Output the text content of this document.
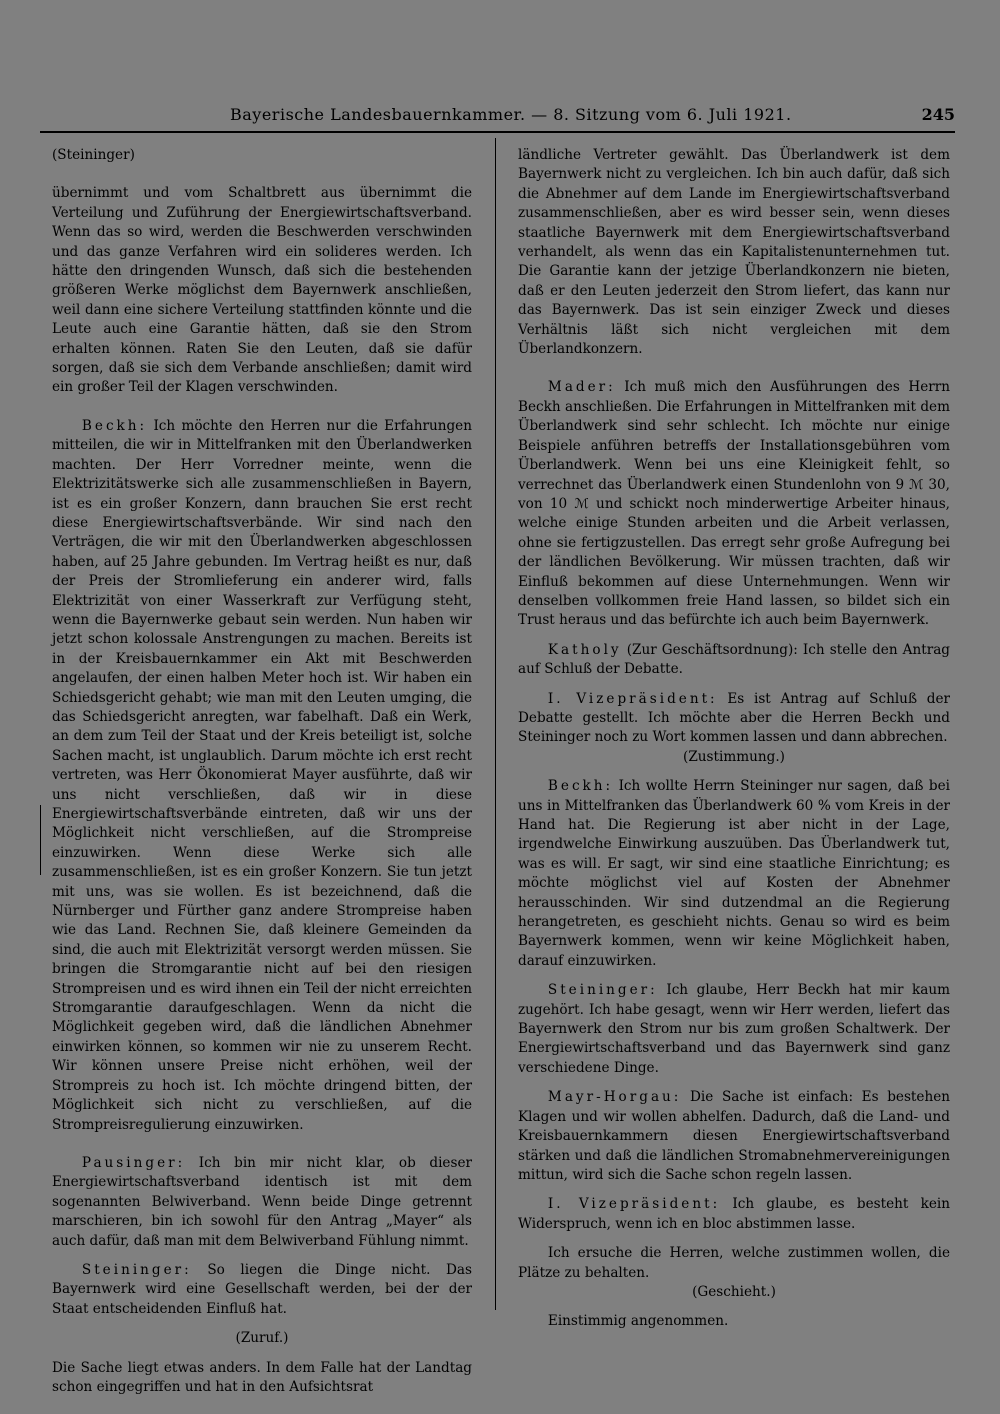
Bayerische Landesbauernkammer. — 8. Sitzung vom 6. Juli 1921.	245

(Steininger)

übernimmt und vom Schaltbrett aus übernimmt die Verteilung und Zuführung der Energiewirtschaftsverband. Wenn das so wird, werden die Beschwerden verschwinden und das ganze Verfahren wird ein solideres werden. Ich hätte den dringenden Wunsch, daß sich die bestehenden größeren Werke möglichst dem Bayernwerk anschließen, weil dann eine sichere Verteilung stattfinden könnte und die Leute auch eine Garantie hätten, daß sie den Strom erhalten können. Raten Sie den Leuten, daß sie dafür sorgen, daß sie sich dem Verbande anschließen; damit wird ein großer Teil der Klagen verschwinden.

Beckh: Ich möchte den Herren nur die Erfahrungen mitteilen, die wir in Mittelfranken mit den Überlandwerken machten. Der Herr Vorredner meinte, wenn die Elektrizitätswerke sich alle zusammenschließen in Bayern, ist es ein großer Konzern, dann brauchen Sie erst recht diese Energiewirtschaftsverbände. Wir sind nach den Verträgen, die wir mit den Überlandwerken abgeschlossen haben, auf 25 Jahre gebunden. Im Vertrag heißt es nur, daß der Preis der Stromlieferung ein anderer wird, falls Elektrizität von einer Wasserkraft zur Verfügung steht, wenn die Bayernwerke gebaut sein werden. Nun haben wir jetzt schon kolossale Anstrengungen zu machen. Bereits ist in der Kreisbauernkammer ein Akt mit Beschwerden angelaufen, der einen halben Meter hoch ist. Wir haben ein Schiedsgericht gehabt; wie man mit den Leuten umging, die das Schiedsgericht anregten, war fabelhaft. Daß ein Werk, an dem zum Teil der Staat und der Kreis beteiligt ist, solche Sachen macht, ist unglaublich. Darum möchte ich erst recht vertreten, was Herr Ökonomierat Mayer ausführte, daß wir uns nicht verschließen, daß wir in diese Energiewirtschaftsverbände eintreten, daß wir uns der Möglichkeit nicht verschließen, auf die Strompreise einzuwirken. Wenn diese Werke sich alle zusammenschließen, ist es ein großer Konzern. Sie tun jetzt mit uns, was sie wollen. Es ist bezeichnend, daß die Nürnberger und Fürther ganz andere Strompreise haben wie das Land. Rechnen Sie, daß kleinere Gemeinden da sind, die auch mit Elektrizität versorgt werden müssen. Sie bringen die Stromgarantie nicht auf bei den riesigen Strompreisen und es wird ihnen ein Teil der nicht erreichten Stromgarantie daraufgeschlagen. Wenn da nicht die Möglichkeit gegeben wird, daß die ländlichen Abnehmer einwirken können, so kommen wir nie zu unserem Recht. Wir können unsere Preise nicht erhöhen, weil der Strompreis zu hoch ist. Ich möchte dringend bitten, der Möglichkeit sich nicht zu verschließen, auf die Strompreisregulierung einzuwirken.

Pausinger: Ich bin mir nicht klar, ob dieser Energiewirtschaftsverband identisch ist mit dem sogenannten Belwiverband. Wenn beide Dinge getrennt marschieren, bin ich sowohl für den Antrag „Mayer“ als auch dafür, daß man mit dem Belwiverband Fühlung nimmt.

Steininger: So liegen die Dinge nicht. Das Bayernwerk wird eine Gesellschaft werden, bei der der Staat entscheidenden Einfluß hat.

(Zuruf.)

Die Sache liegt etwas anders. In dem Falle hat der Landtag schon eingegriffen und hat in den Aufsichtsrat

ländliche Vertreter gewählt. Das Überlandwerk ist dem Bayernwerk nicht zu vergleichen. Ich bin auch dafür, daß sich die Abnehmer auf dem Lande im Energiewirtschaftsverband zusammenschließen, aber es wird besser sein, wenn dieses staatliche Bayernwerk mit dem Energiewirtschaftsverband verhandelt, als wenn das ein Kapitalistenunternehmen tut. Die Garantie kann der jetzige Überlandkonzern nie bieten, daß er den Leuten jederzeit den Strom liefert, das kann nur das Bayernwerk. Das ist sein einziger Zweck und dieses Verhältnis läßt sich nicht vergleichen mit dem Überlandkonzern.

Mader: Ich muß mich den Ausführungen des Herrn Beckh anschließen. Die Erfahrungen in Mittelfranken mit dem Überlandwerk sind sehr schlecht. Ich möchte nur einige Beispiele anführen betreffs der Installationsgebühren vom Überlandwerk. Wenn bei uns eine Kleinigkeit fehlt, so verrechnet das Überlandwerk einen Stundenlohn von 9 ℳ 30, von 10 ℳ und schickt noch minderwertige Arbeiter hinaus, welche einige Stunden arbeiten und die Arbeit verlassen, ohne sie fertigzustellen. Das erregt sehr große Aufregung bei der ländlichen Bevölkerung. Wir müssen trachten, daß wir Einfluß bekommen auf diese Unternehmungen. Wenn wir denselben vollkommen freie Hand lassen, so bildet sich ein Trust heraus und das befürchte ich auch beim Bayernwerk.

Katholy (Zur Geschäftsordnung): Ich stelle den Antrag auf Schluß der Debatte.

I. Vizepräsident: Es ist Antrag auf Schluß der Debatte gestellt. Ich möchte aber die Herren Beckh und Steininger noch zu Wort kommen lassen und dann abbrechen.

(Zustimmung.)

Beckh: Ich wollte Herrn Steininger nur sagen, daß bei uns in Mittelfranken das Überlandwerk 60 % vom Kreis in der Hand hat. Die Regierung ist aber nicht in der Lage, irgendwelche Einwirkung auszuüben. Das Überlandwerk tut, was es will. Er sagt, wir sind eine staatliche Einrichtung; es möchte möglichst viel auf Kosten der Abnehmer herausschinden. Wir sind dutzendmal an die Regierung herangetreten, es geschieht nichts. Genau so wird es beim Bayernwerk kommen, wenn wir keine Möglichkeit haben, darauf einzuwirken.

Steininger: Ich glaube, Herr Beckh hat mir kaum zugehört. Ich habe gesagt, wenn wir Herr werden, liefert das Bayernwerk den Strom nur bis zum großen Schaltwerk. Der Energiewirtschaftsverband und das Bayernwerk sind ganz verschiedene Dinge.

Mayr-Horgau: Die Sache ist einfach: Es bestehen Klagen und wir wollen abhelfen. Dadurch, daß die Land- und Kreisbauernkammern diesen Energiewirtschaftsverband stärken und daß die ländlichen Stromabnehmervereinigungen mittun, wird sich die Sache schon regeln lassen.

I. Vizepräsident: Ich glaube, es besteht kein Widerspruch, wenn ich en bloc abstimmen lasse.

Ich ersuche die Herren, welche zustimmen wollen, die Plätze zu behalten.

(Geschieht.)

Einstimmig angenommen.
